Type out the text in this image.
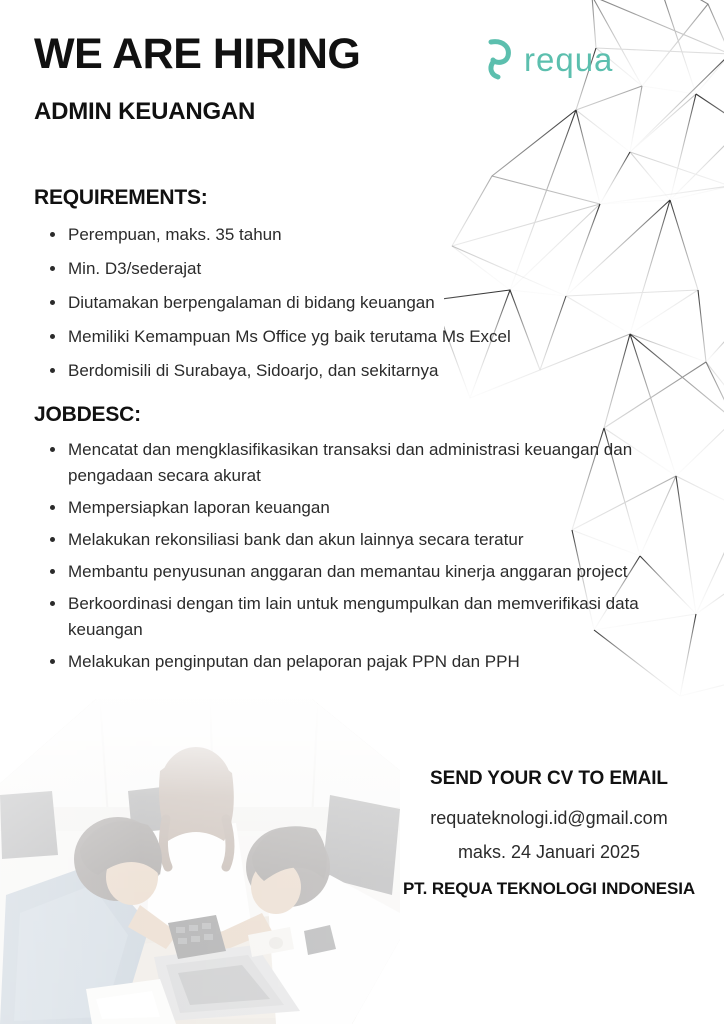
WE ARE HIRING
ADMIN KEUANGAN
requa
REQUIREMENTS:
Perempuan, maks. 35 tahun
Min. D3/sederajat
Diutamakan berpengalaman di bidang keuangan
Memiliki Kemampuan Ms Office yg baik terutama Ms Excel
Berdomisili di Surabaya, Sidoarjo, dan sekitarnya
JOBDESC:
Mencatat dan mengklasifikasikan transaksi dan administrasi keuangan dan pengadaan secara akurat
Mempersiapkan laporan keuangan
Melakukan rekonsiliasi bank dan akun lainnya secara teratur
Membantu penyusunan anggaran dan memantau kinerja anggaran project
Berkoordinasi dengan tim lain untuk mengumpulkan dan memverifikasi data keuangan
Melakukan penginputan dan pelaporan pajak PPN dan PPH
SEND YOUR CV TO EMAIL
requateknologi.id@gmail.com
maks. 24 Januari 2025
PT. REQUA TEKNOLOGI INDONESIA
